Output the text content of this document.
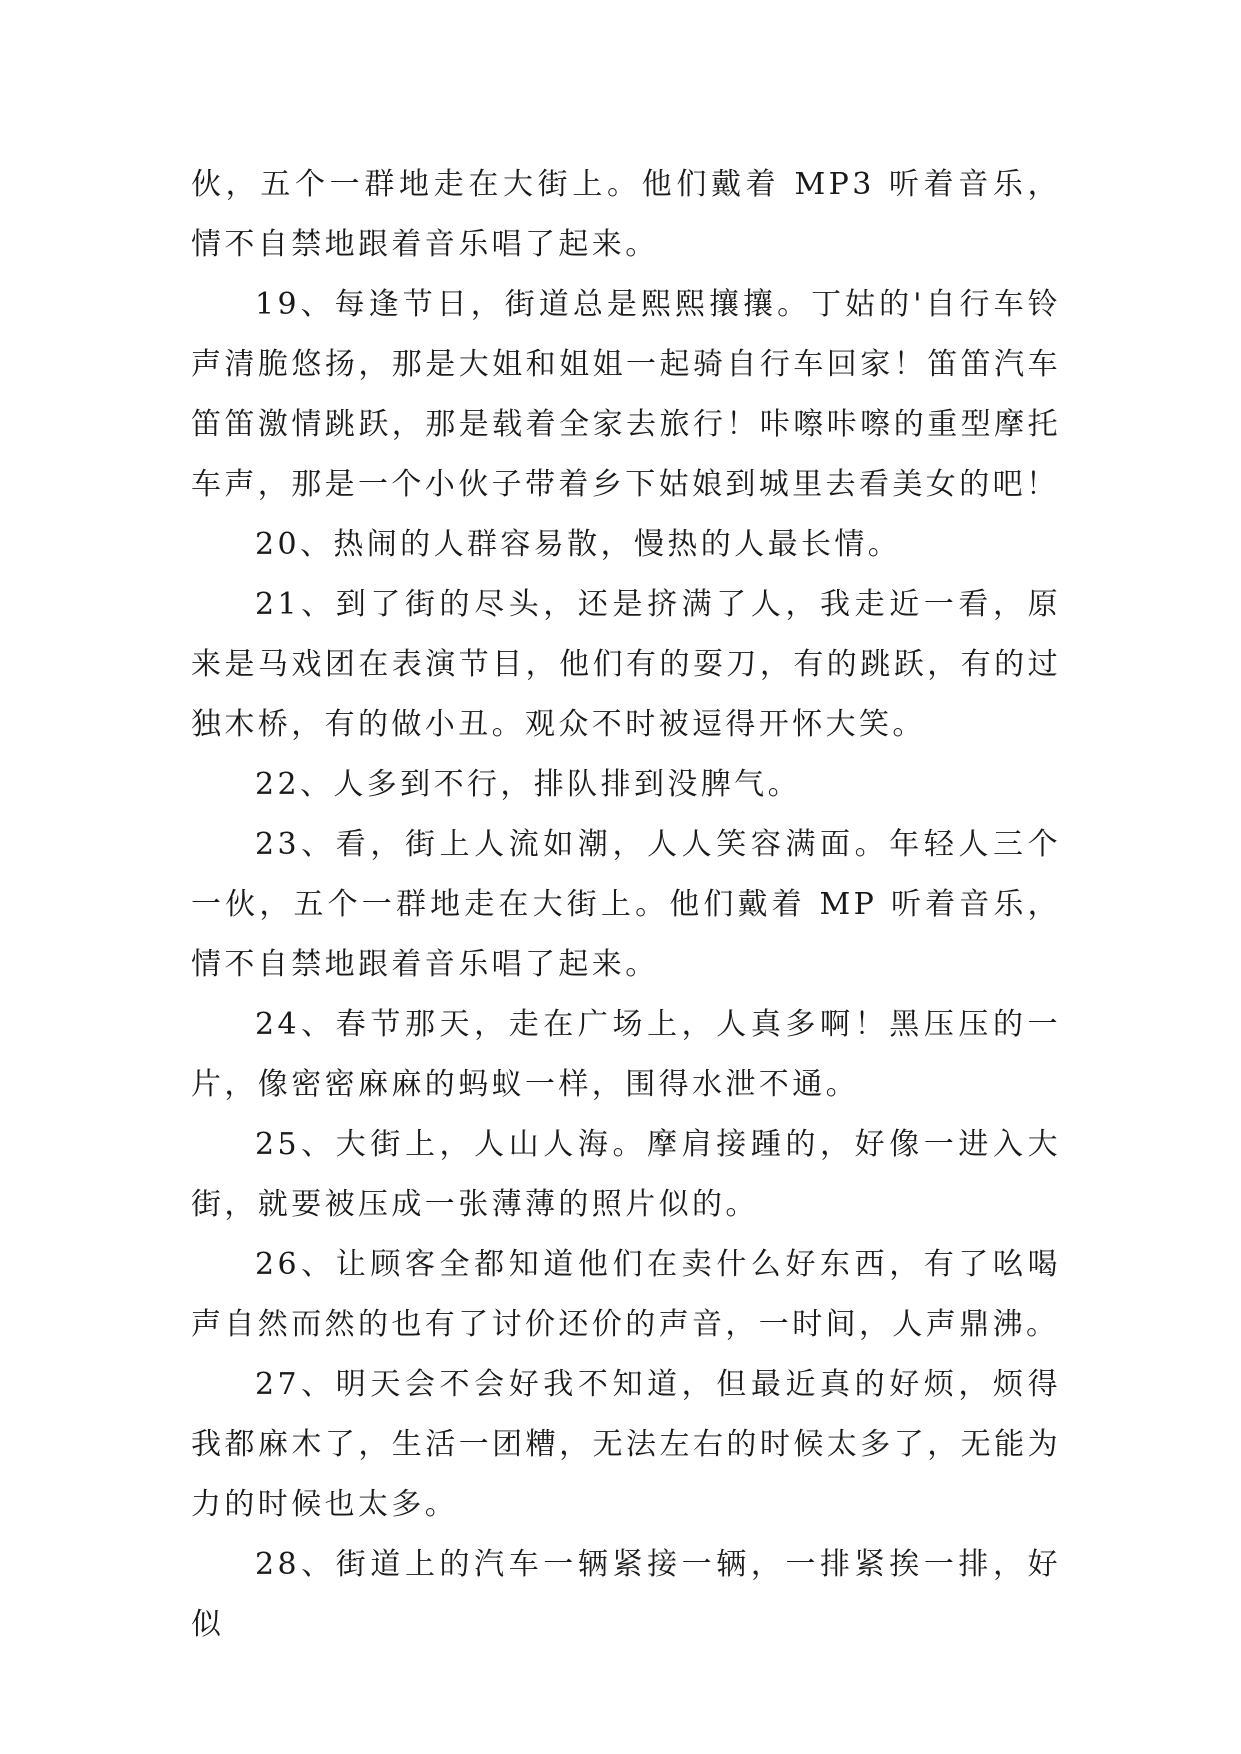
伙，五个一群地走在大街上。他们戴着 MP3 听着音乐，情不自禁地跟着音乐唱了起来。

19、每逢节日，街道总是熙熙攘攘。丁姑的'自行车铃声清脆悠扬，那是大姐和姐姐一起骑自行车回家！笛笛汽车笛笛激情跳跃，那是载着全家去旅行！咔嚓咔嚓的重型摩托车声，那是一个小伙子带着乡下姑娘到城里去看美女的吧！

20、热闹的人群容易散，慢热的人最长情。

21、到了街的尽头，还是挤满了人，我走近一看，原来是马戏团在表演节目，他们有的耍刀，有的跳跃，有的过独木桥，有的做小丑。观众不时被逗得开怀大笑。

22、人多到不行，排队排到没脾气。

23、看，街上人流如潮，人人笑容满面。年轻人三个一伙，五个一群地走在大街上。他们戴着 MP 听着音乐，情不自禁地跟着音乐唱了起来。

24、春节那天，走在广场上，人真多啊！黑压压的一片，像密密麻麻的蚂蚁一样，围得水泄不通。

25、大街上，人山人海。摩肩接踵的，好像一进入大街，就要被压成一张薄薄的照片似的。

26、让顾客全都知道他们在卖什么好东西，有了吆喝声自然而然的也有了讨价还价的声音，一时间，人声鼎沸。

27、明天会不会好我不知道，但最近真的好烦，烦得我都麻木了，生活一团糟，无法左右的时候太多了，无能为力的时候也太多。

28、街道上的汽车一辆紧接一辆，一排紧挨一排，好似
